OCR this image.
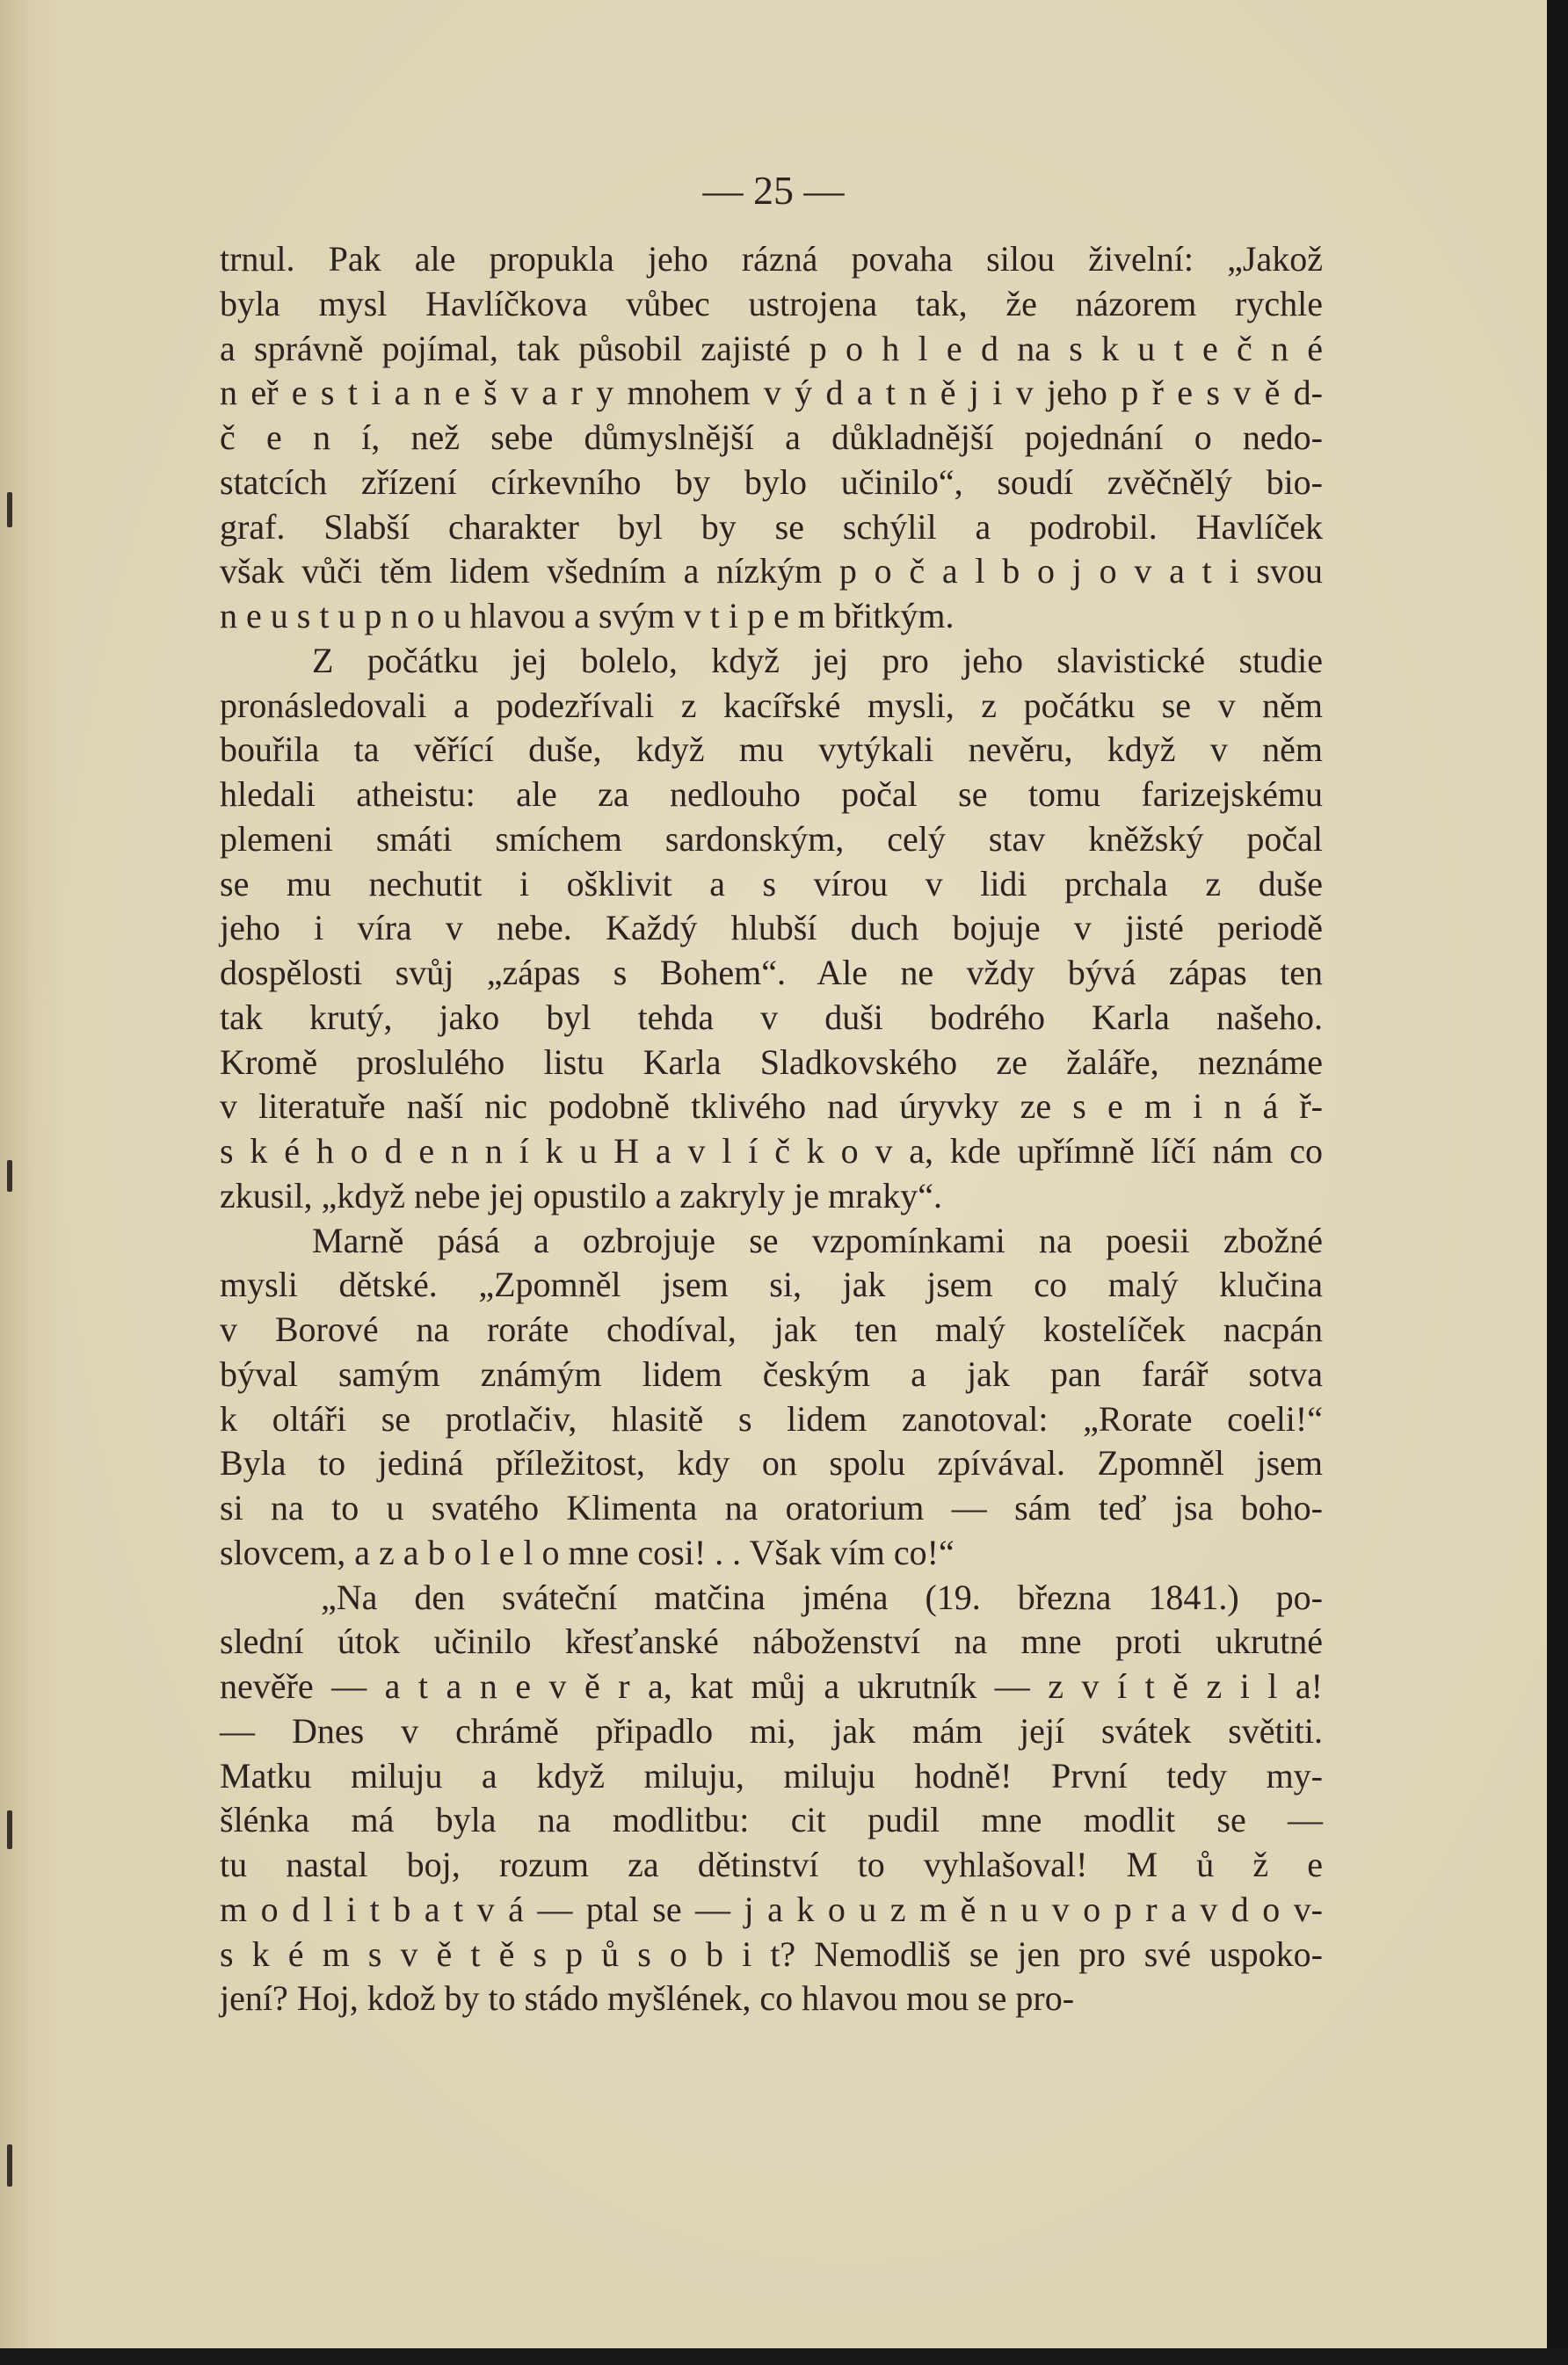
— 25 —
trnul. Pak ale propukla jeho rázná povaha silou živelní: „Jakož
byla mysl Havlíčkova vůbec ustrojena tak, že názorem rychle
a správně pojímal, tak působil zajisté p o h l e d na s k u t e č n é
n eř e s t i a n e š v a r y mnohem v ý d a t n ě j i v jeho p ř e s v ě d-
č e n í, než sebe důmyslnější a důkladnější pojednání o nedo-
statcích zřízení církevního by bylo učinilo“, soudí zvěčnělý bio-
graf. Slabší charakter byl by se schýlil a podrobil. Havlíček
však vůči těm lidem všedním a nízkým p o č a l b o j o v a t i svou
n e u s t u p n o u hlavou a svým v t i p e m břitkým.
Z počátku jej bolelo, když jej pro jeho slavistické studie
pronásledovali a podezřívali z kacířské mysli, z počátku se v něm
bouřila ta věřící duše, když mu vytýkali nevěru, když v něm
hledali atheistu: ale za nedlouho počal se tomu farizejskému
plemeni smáti smíchem sardonským, celý stav kněžský počal
se mu nechutit i ošklivit a s vírou v lidi prchala z duše
jeho i víra v nebe. Každý hlubší duch bojuje v jisté periodě
dospělosti svůj „zápas s Bohem“. Ale ne vždy bývá zápas ten
tak krutý, jako byl tehda v duši bodrého Karla našeho.
Kromě proslulého listu Karla Sladkovského ze žaláře, neznáme
v literatuře naší nic podobně tklivého nad úryvky ze s e m i n á ř-
s k é h o d e n n í k u H a v l í č k o v a, kde upřímně líčí nám co
zkusil, „když nebe jej opustilo a zakryly je mraky“.
Marně pásá a ozbrojuje se vzpomínkami na poesii zbožné
mysli dětské. „Zpomněl jsem si, jak jsem co malý klučina
v Borové na roráte chodíval, jak ten malý kostelíček nacpán
býval samým známým lidem českým a jak pan farář sotva
k oltáři se protlačiv, hlasitě s lidem zanotoval: „Rorate coeli!“
Byla to jediná příležitost, kdy on spolu zpívával. Zpomněl jsem
si na to u svatého Klimenta na oratorium — sám teď jsa boho-
slovcem, a z a b o l e l o mne cosi! . . Však vím co!“
„Na den sváteční matčina jména (19. března 1841.) po-
slední útok učinilo křesťanské náboženství na mne proti ukrutné
nevěře — a t a n e v ě r a, kat můj a ukrutník — z v í t ě z i l a!
— Dnes v chrámě připadlo mi, jak mám její svátek světiti.
Matku miluju a když miluju, miluju hodně! První tedy my-
šlénka má byla na modlitbu: cit pudil mne modlit se —
tu nastal boj, rozum za dětinství to vyhlašoval! M ů ž e
m o d l i t b a t v á — ptal se — j a k o u z m ě n u v o p r a v d o v-
s k é m s v ě t ě s p ů s o b i t? Nemodliš se jen pro své uspoko-
jení? Hoj, kdož by to stádo myšlének, co hlavou mou se pro-
